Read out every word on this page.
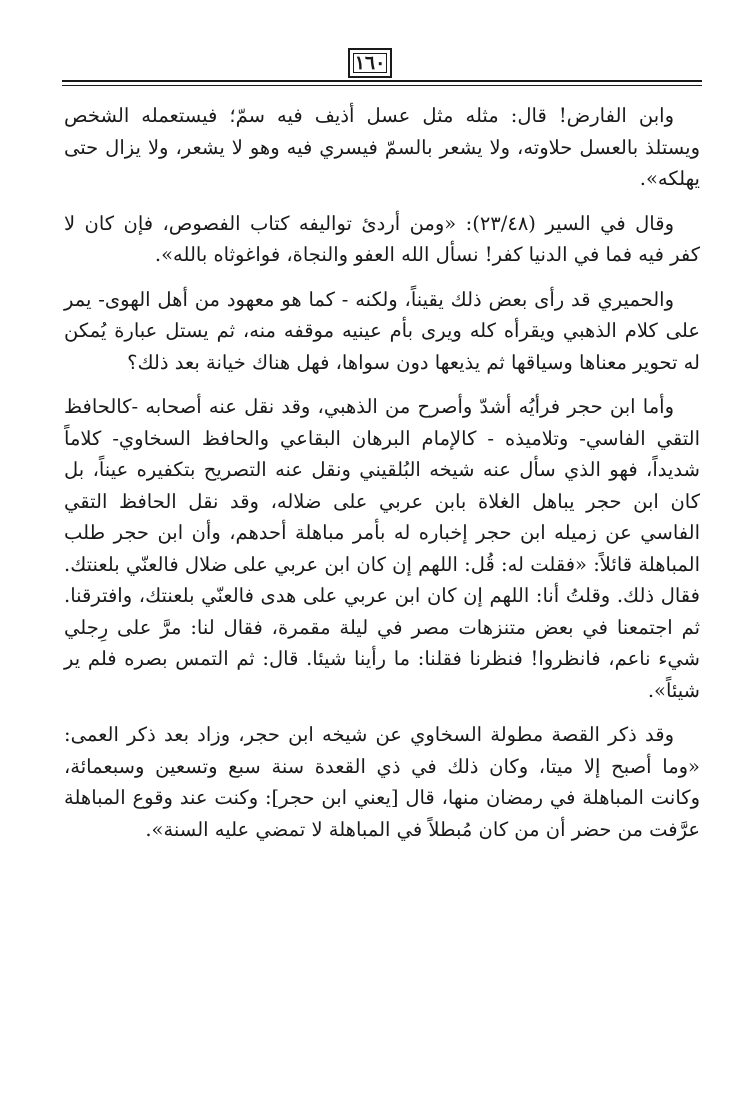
١٦٠

وابن الفارض! قال: مثله مثل عسل أذيف فيه سمّ؛ فيستعمله الشخص ويستلذ بالعسل حلاوته، ولا يشعر بالسمّ فيسري فيه وهو لا يشعر، ولا يزال حتى يهلكه».

وقال في السير (٢٣/٤٨): «ومن أردئ تواليفه كتاب الفصوص، فإن كان لا كفر فيه فما في الدنيا كفر! نسأل الله العفو والنجاة، فواغوثاه بالله».

والحميري قد رأى بعض ذلك يقيناً، ولكنه - كما هو معهود من أهل الهوى- يمر على كلام الذهبي ويقرأه كله ويرى بأم عينيه موقفه منه، ثم يستل عبارة يُمكن له تحوير معناها وسياقها ثم يذيعها دون سواها، فهل هناك خيانة بعد ذلك؟

وأما ابن حجر فرأيُه أشدّ وأصرح من الذهبي، وقد نقل عنه أصحابه -كالحافظ التقي الفاسي- وتلاميذه - كالإمام البرهان البقاعي والحافظ السخاوي- كلاماً شديداً، فهو الذي سأل عنه شيخه البُلقيني ونقل عنه التصريح بتكفيره عيناً، بل كان ابن حجر يباهل الغلاة بابن عربي على ضلاله، وقد نقل الحافظ التقي الفاسي عن زميله ابن حجر إخباره له بأمر مباهلة أحدهم، وأن ابن حجر طلب المباهلة قائلاً: «فقلت له: قُل: اللهم إن كان ابن عربي على ضلال فالعنّي بلعنتك. فقال ذلك. وقلتُ أنا: اللهم إن كان ابن عربي على هدى فالعنّي بلعنتك، وافترقنا. ثم اجتمعنا في بعض متنزهات مصر في ليلة مقمرة، فقال لنا: مرَّ على رِجلي شيء ناعم، فانظروا! فنظرنا فقلنا: ما رأينا شيئا. قال: ثم التمس بصره فلم ير شيئاً».

وقد ذكر القصة مطولة السخاوي عن شيخه ابن حجر، وزاد بعد ذكر العمى: «وما أصبح إلا ميتا، وكان ذلك في ذي القعدة سنة سبع وتسعين وسبعمائة، وكانت المباهلة في رمضان منها، قال [يعني ابن حجر]: وكنت عند وقوع المباهلة عرَّفت من حضر أن من كان مُبطلاً في المباهلة لا تمضي عليه السنة».
